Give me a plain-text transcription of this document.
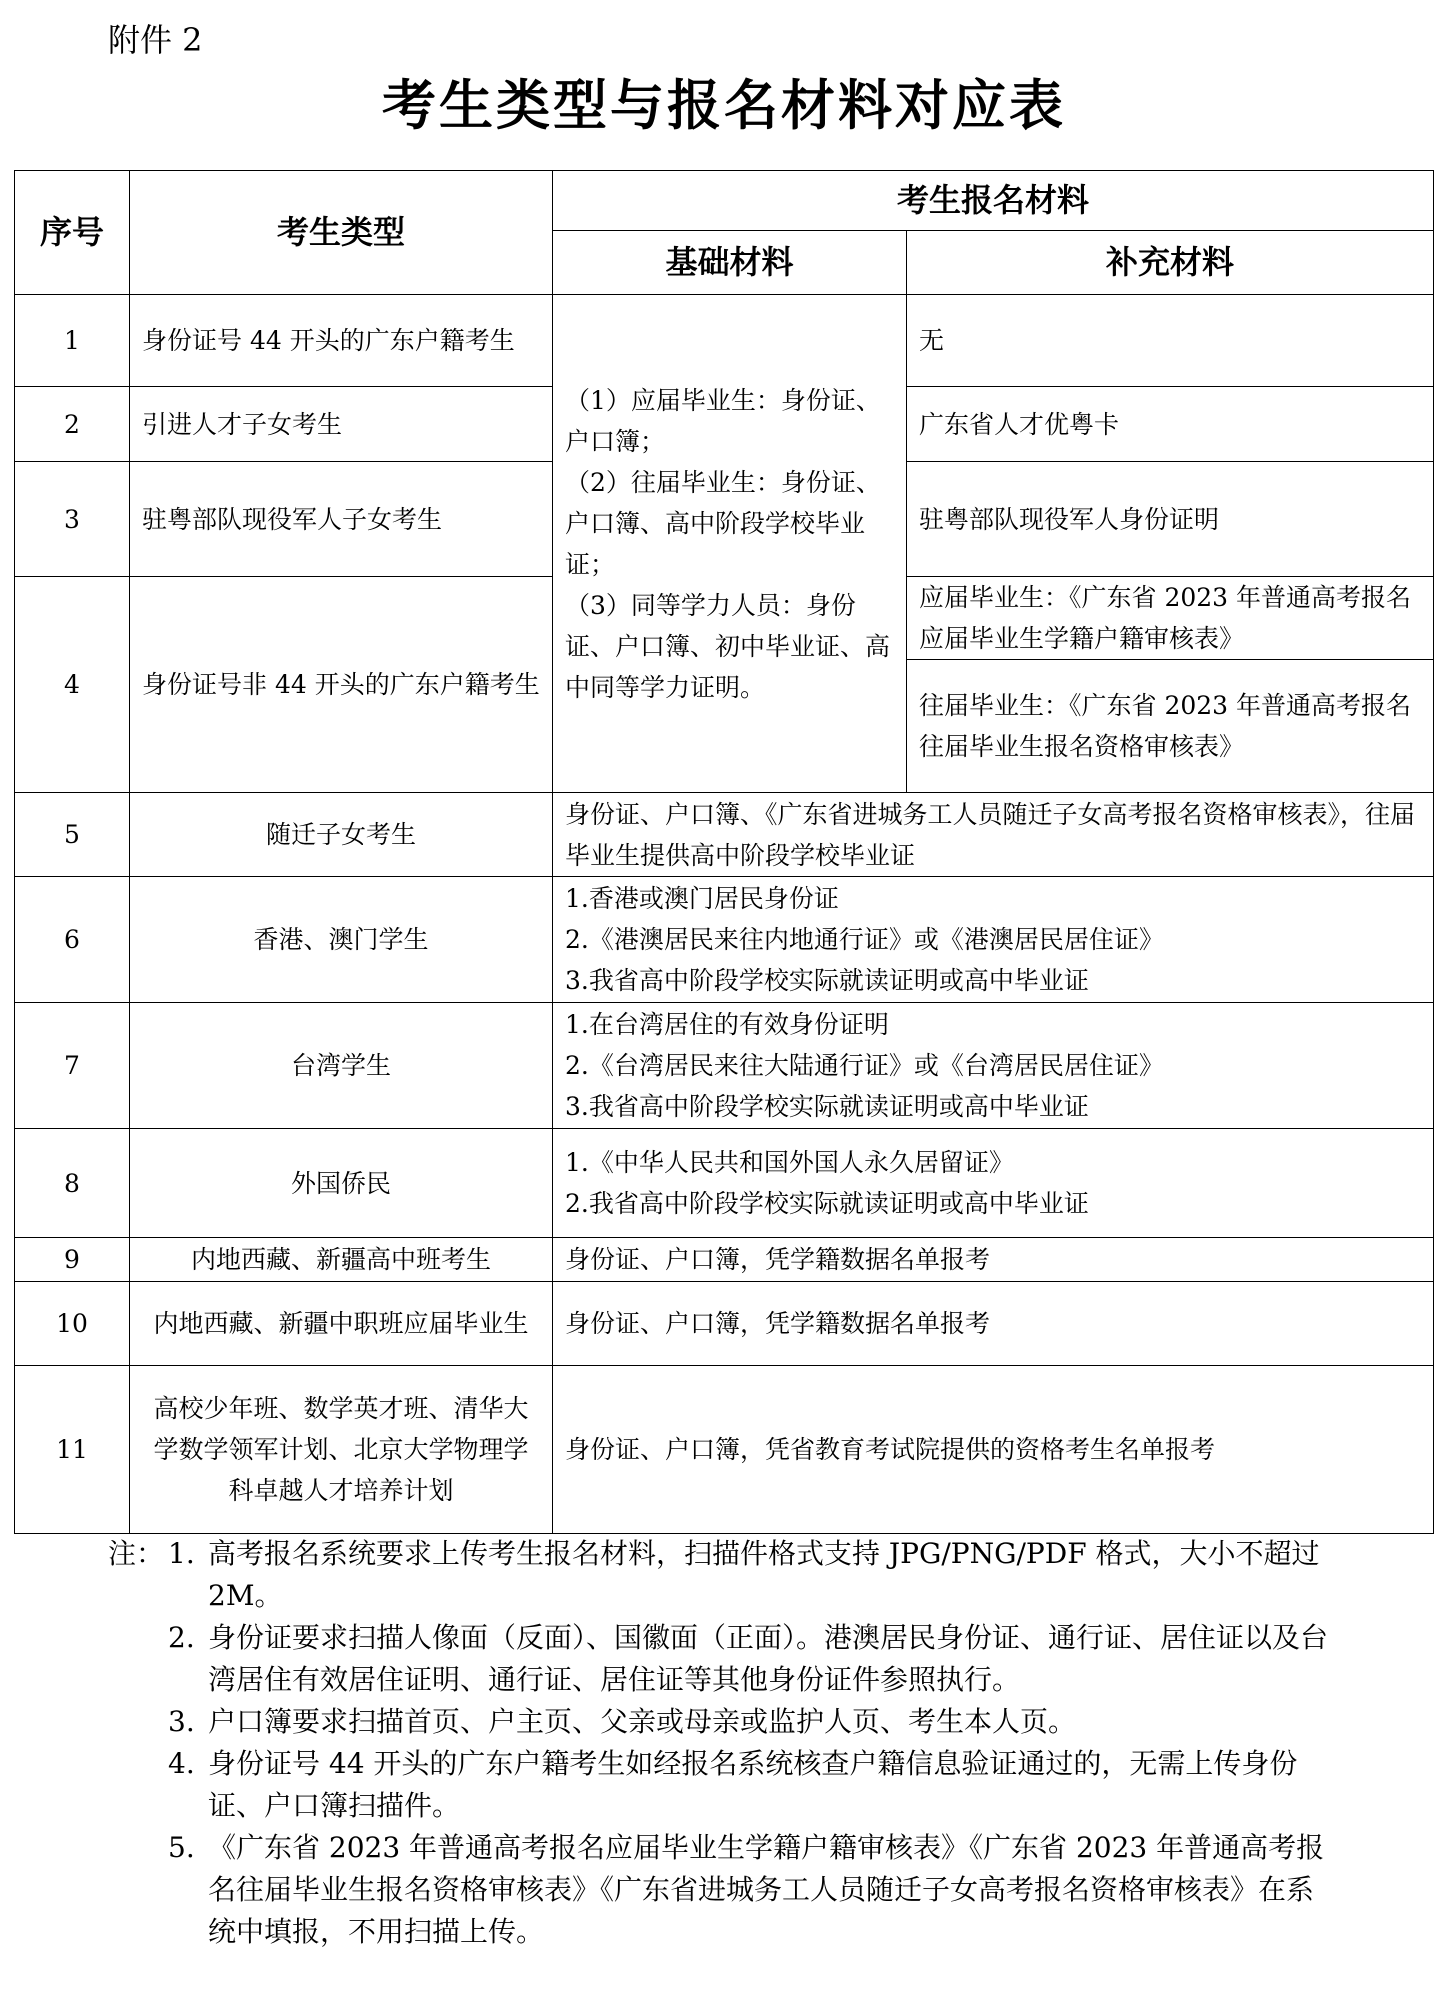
附件 2
考生类型与报名材料对应表
序号	考生类型	考生报名材料	
		基础材料	补充材料
1	身份证号 44 开头的广东户籍考生	（1）应届毕业生：身份证、户口簿；
（2）往届毕业生：身份证、户口簿、高中阶段学校毕业证；
（3）同等学力人员：身份证、户口簿、初中毕业证、高中同等学力证明。	无
2	引进人才子女考生		广东省人才优粤卡
3	驻粤部队现役军人子女考生		驻粤部队现役军人身份证明
4	身份证号非 44 开头的广东户籍考生		应届毕业生：《广东省 2023 年普通高考报名应届毕业生学籍户籍审核表》
往届毕业生：《广东省 2023 年普通高考报名往届毕业生报名资格审核表》

5	随迁子女考生	身份证、户口簿、《广东省进城务工人员随迁子女高考报名资格审核表》，往届毕业生提供高中阶段学校毕业证	

6	香港、澳门学生	1.香港或澳门居民身份证
2.《港澳居民来往内地通行证》或《港澳居民居住证》
3.我省高中阶段学校实际就读证明或高中毕业证	

7	台湾学生	1.在台湾居住的有效身份证明
2.《台湾居民来往大陆通行证》或《台湾居民居住证》
3.我省高中阶段学校实际就读证明或高中毕业证	

8	外国侨民	1.《中华人民共和国外国人永久居留证》
2.我省高中阶段学校实际就读证明或高中毕业证	

9	内地西藏、新疆高中班考生	身份证、户口簿，凭学籍数据名单报考	

10	内地西藏、新疆中职班应届毕业生	身份证、户口簿，凭学籍数据名单报考	

11	高校少年班、数学英才班、清华大学数学领军计划、北京大学物理学科卓越人才培养计划	身份证、户口簿，凭省教育考试院提供的资格考生名单报考	
注： 1. 高考报名系统要求上传考生报名材料，扫描件格式支持 JPG/PNG/PDF 格式，大小不超过 2M。
2. 身份证要求扫描人像面（反面）、国徽面（正面）。港澳居民身份证、通行证、居住证以及台湾居住有效居住证明、通行证、居住证等其他身份证件参照执行。
3. 户口簿要求扫描首页、户主页、父亲或母亲或监护人页、考生本人页。
4. 身份证号 44 开头的广东户籍考生如经报名系统核查户籍信息验证通过的，无需上传身份证、户口簿扫描件。
5. 《广东省 2023 年普通高考报名应届毕业生学籍户籍审核表》《广东省 2023 年普通高考报名往届毕业生报名资格审核表》《广东省进城务工人员随迁子女高考报名资格审核表》在系统中填报，不用扫描上传。
